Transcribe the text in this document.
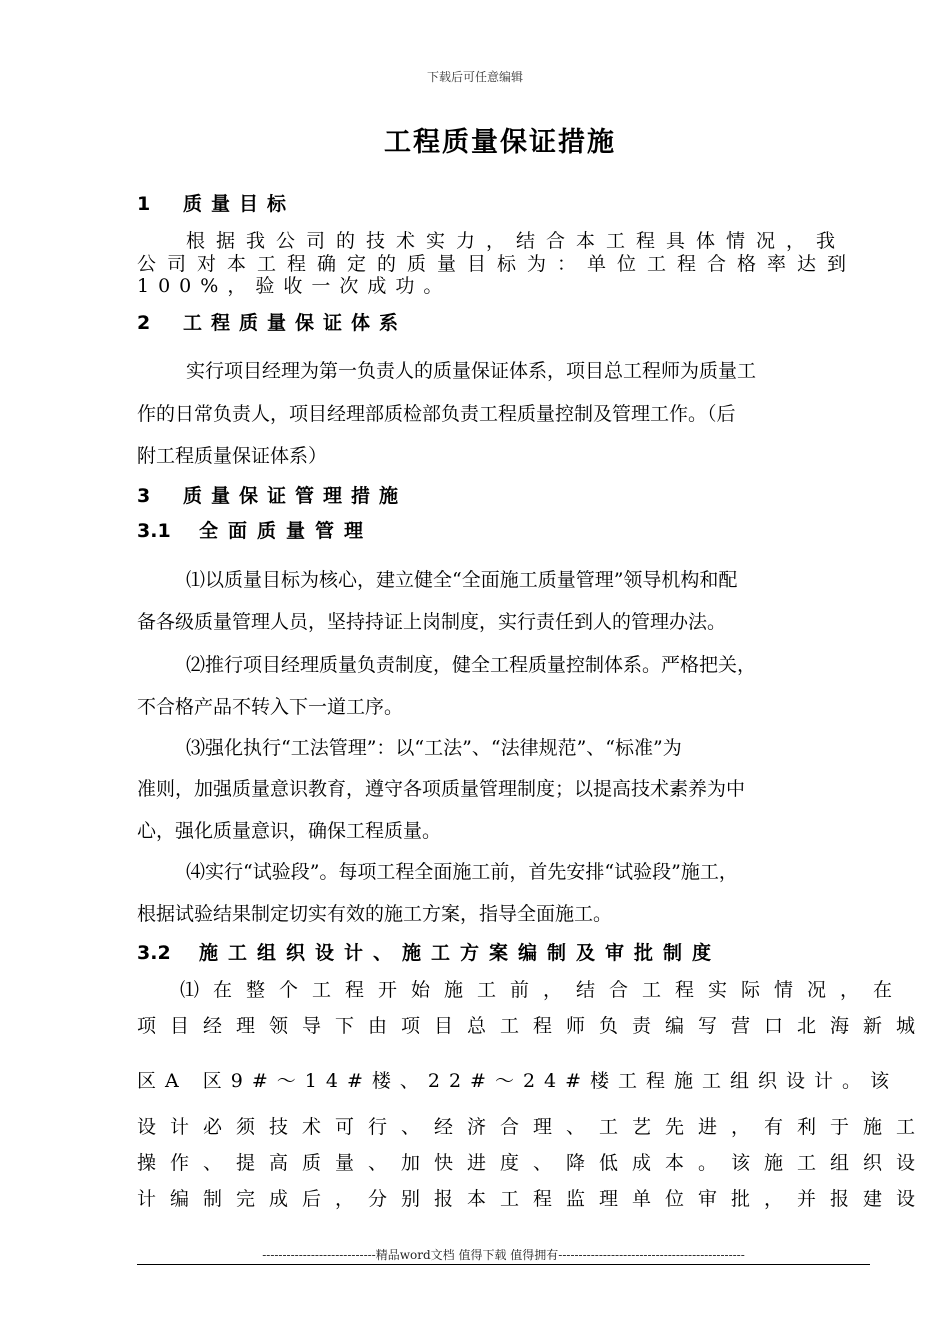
下载后可任意编辑
工程质量保证措施
1 质量目标
根据我公司的技术实力，结合本工程具体情况，我
公司对本工程确定的质量目标为：单位工程合格率达到
100%，验收一次成功。
2 工程质量保证体系
实行项目经理为第一负责人的质量保证体系，项目总工程师为质量工
作的日常负责人，项目经理部质检部负责工程质量控制及管理工作。（后
附工程质量保证体系）
3 质量保证管理措施
3.1 全面质量管理
⑴以质量目标为核心，建立健全“全面施工质量管理”领导机构和配
备各级质量管理人员，坚持持证上岗制度，实行责任到人的管理办法。
⑵推行项目经理质量负责制度，健全工程质量控制体系。严格把关，
不合格产品不转入下一道工序。
⑶强化执行“工法管理”：以“工法”、“法律规范”、“标准”为
准则，加强质量意识教育，遵守各项质量管理制度；以提高技术素养为中
心，强化质量意识，确保工程质量。
⑷实行“试验段”。每项工程全面施工前，首先安排“试验段”施工，
根据试验结果制定切实有效的施工方案，指导全面施工。
3.2 施工组织设计、施工方案编制及审批制度
⑴在整个工程开始施工前，结合工程实际情况，在
项目经理领导下由项目总工程师负责编写营口北海新城
区A 区9#～14#楼、22#～24#楼工程施工组织设计。该
设计必须技术可行、经济合理、工艺先进，有利于施工
操作、提高质量、加快进度、降低成本。该施工组织设
计编制完成后，分别报本工程监理单位审批，并报建设
----------------------------精品word文档 值得下载 值得拥有----------------------------------------------
